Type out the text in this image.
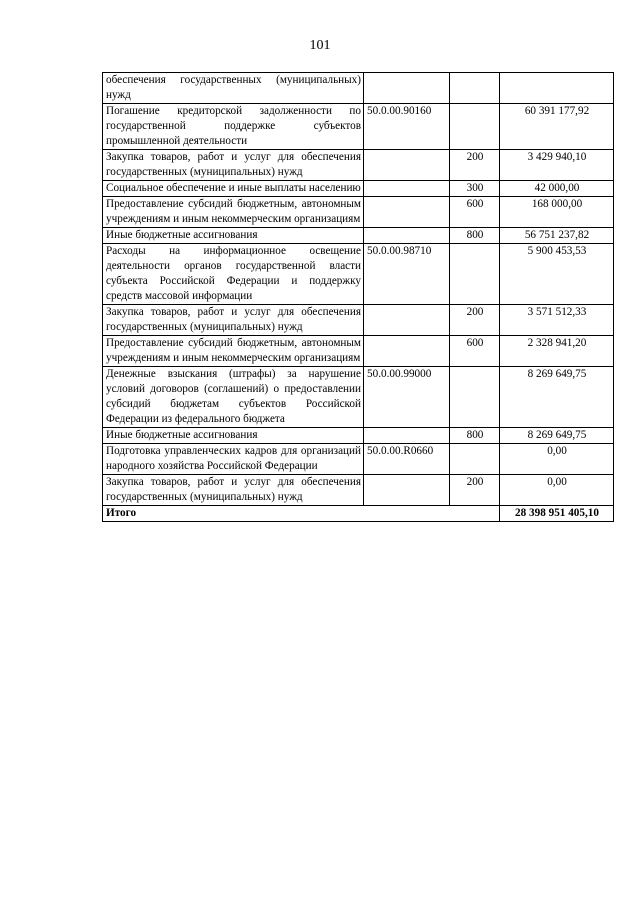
101
обеспечения государственных (муниципальных) нужд			
Погашение кредиторской задолженности по государственной поддержке субъектов промышленной деятельности	50.0.00.90160		60 391 177,92
Закупка товаров, работ и услуг для обеспечения государственных (муниципальных) нужд		200	3 429 940,10
Социальное обеспечение и иные выплаты населению		300	42 000,00
Предоставление субсидий бюджетным, автономным учреждениям и иным некоммерческим организациям		600	168 000,00
Иные бюджетные ассигнования		800	56 751 237,82
Расходы на информационное освещение деятельности органов государственной власти субъекта Российской Федерации и поддержку средств массовой информации	50.0.00.98710		5 900 453,53
Закупка товаров, работ и услуг для обеспечения государственных (муниципальных) нужд		200	3 571 512,33
Предоставление субсидий бюджетным, автономным учреждениям и иным некоммерческим организациям		600	2 328 941,20
Денежные взыскания (штрафы) за нарушение условий договоров (соглашений) о предоставлении субсидий бюджетам субъектов Российской Федерации из федерального бюджета	50.0.00.99000		8 269 649,75
Иные бюджетные ассигнования		800	8 269 649,75
Подготовка управленческих кадров для организаций народного хозяйства Российской Федерации	50.0.00.R0660		0,00
Закупка товаров, работ и услуг для обеспечения государственных (муниципальных) нужд		200	0,00
Итого			28 398 951 405,10
